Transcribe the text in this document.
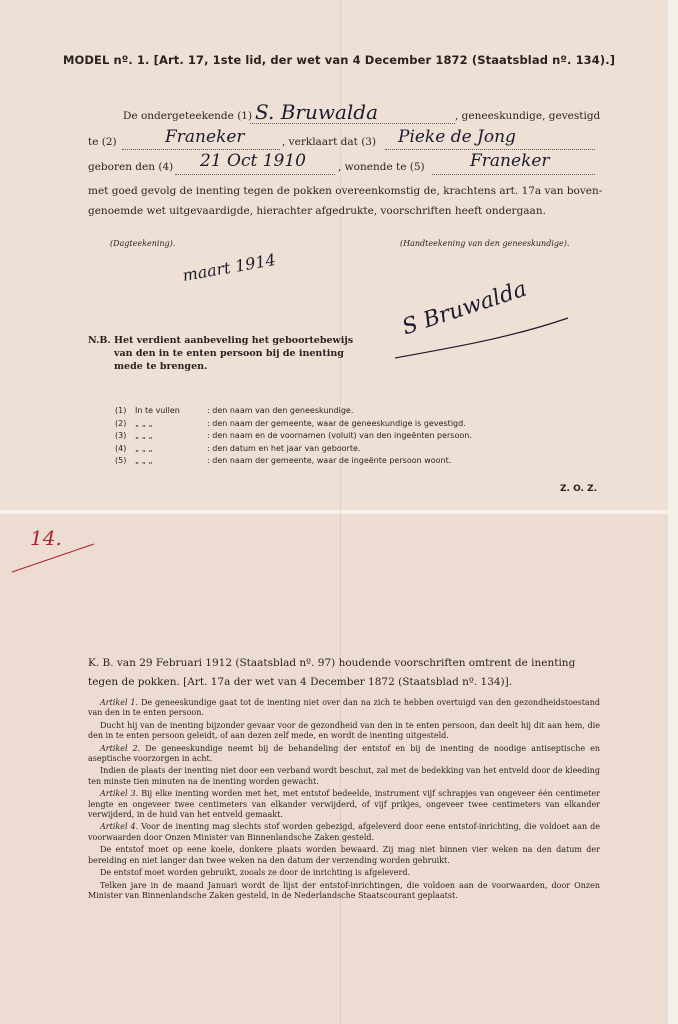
MODEL nº. 1. [Art. 17, 1ste lid, der wet van 4 December 1872 (Staatsblad nº. 134).]
De ondergeteekende (1) S. Bruwalda	, geneeskundige, gevestigd
te (2)	Franeker	, verklaart dat (3) Pieke de Jong
geboren den (4) 21 Oct 1910	, wonende te (5)	Franeker
met goed gevolg de inenting tegen de pokken overeenkomstig de, krachtens art. 17a van boven-
genoemde wet uitgevaardigde, hierachter afgedrukte, voorschriften heeft ondergaan.
(Dagteekening).	(Handteekening van den geneeskundige).
maart 1914
S Bruwalda
N.B. Het verdient aanbeveling het geboortebewijs
van den in te enten persoon bij de inenting
mede te brengen.
(1)	In te vullen	: den naam van den geneeskundige.
(2)	„ „ „	: den naam der gemeente, waar de geneeskundige is gevestigd.
(3)	„ „ „	: den naam en de voornamen (voluit) van den ingeënten persoon.
(4)	„ „ „	: den datum en het jaar van geboorte.
(5)	„ „ „	: den naam der gemeente, waar de ingeënte persoon woont.
Z. O. Z.
14.
K. B. van 29 Februari 1912 (Staatsblad nº. 97) houdende voorschriften omtrent de inenting tegen de pokken. [Art. 17a der wet van 4 December 1872 (Staatsblad nº. 134)].

Artikel 1. De geneeskundige gaat tot de inenting niet over dan na zich te hebben overtuigd van den gezondheidstoestand van den in te enten persoon.

Ducht hij van de inenting bijzonder gevaar voor de gezondheid van den in te enten persoon, dan deelt hij dit aan hem, die den in te enten persoon geleidt, of aan dezen zelf mede, en wordt de inenting uitgesteld.

Artikel 2. De geneeskundige neemt bij de behandeling der entstof en bij de inenting de noodige antiseptische en aseptische voorzorgen in acht.

Indien de plaats der inenting niet door een verband wordt beschut, zal met de bedekking van het entveld door de kleeding ten minste tien minuten na de inenting worden gewacht.

Artikel 3. Bij elke inenting worden met het, met entstof bedeelde, instrument vijf schrapjes van ongeveer één centimeter lengte en ongeveer twee centimeters van elkander verwijderd, of vijf prikjes, ongeveer twee centimeters van elkander verwijderd, in de huid van het entveld gemaakt.

Artikel 4. Voor de inenting mag slechts stof worden gebezigd, afgeleverd door eene entstof-inrichting, die voldoet aan de voorwaarden door Onzen Minister van Binnenlandsche Zaken gesteld.

De entstof moet op eene koele, donkere plaats worden bewaard. Zij mag niet binnen vier weken na den datum der bereiding en niet langer dan twee weken na den datum der verzending worden gebruikt.

De entstof moet worden gebruikt, zooals ze door de inrichting is afgeleverd.

Telken jare in de maand Januari wordt de lijst der entstof-inrichtingen, die voldoen aan de voorwaarden, door Onzen Minister van Binnenlandsche Zaken gesteld, in de Nederlandsche Staatscourant geplaatst.
